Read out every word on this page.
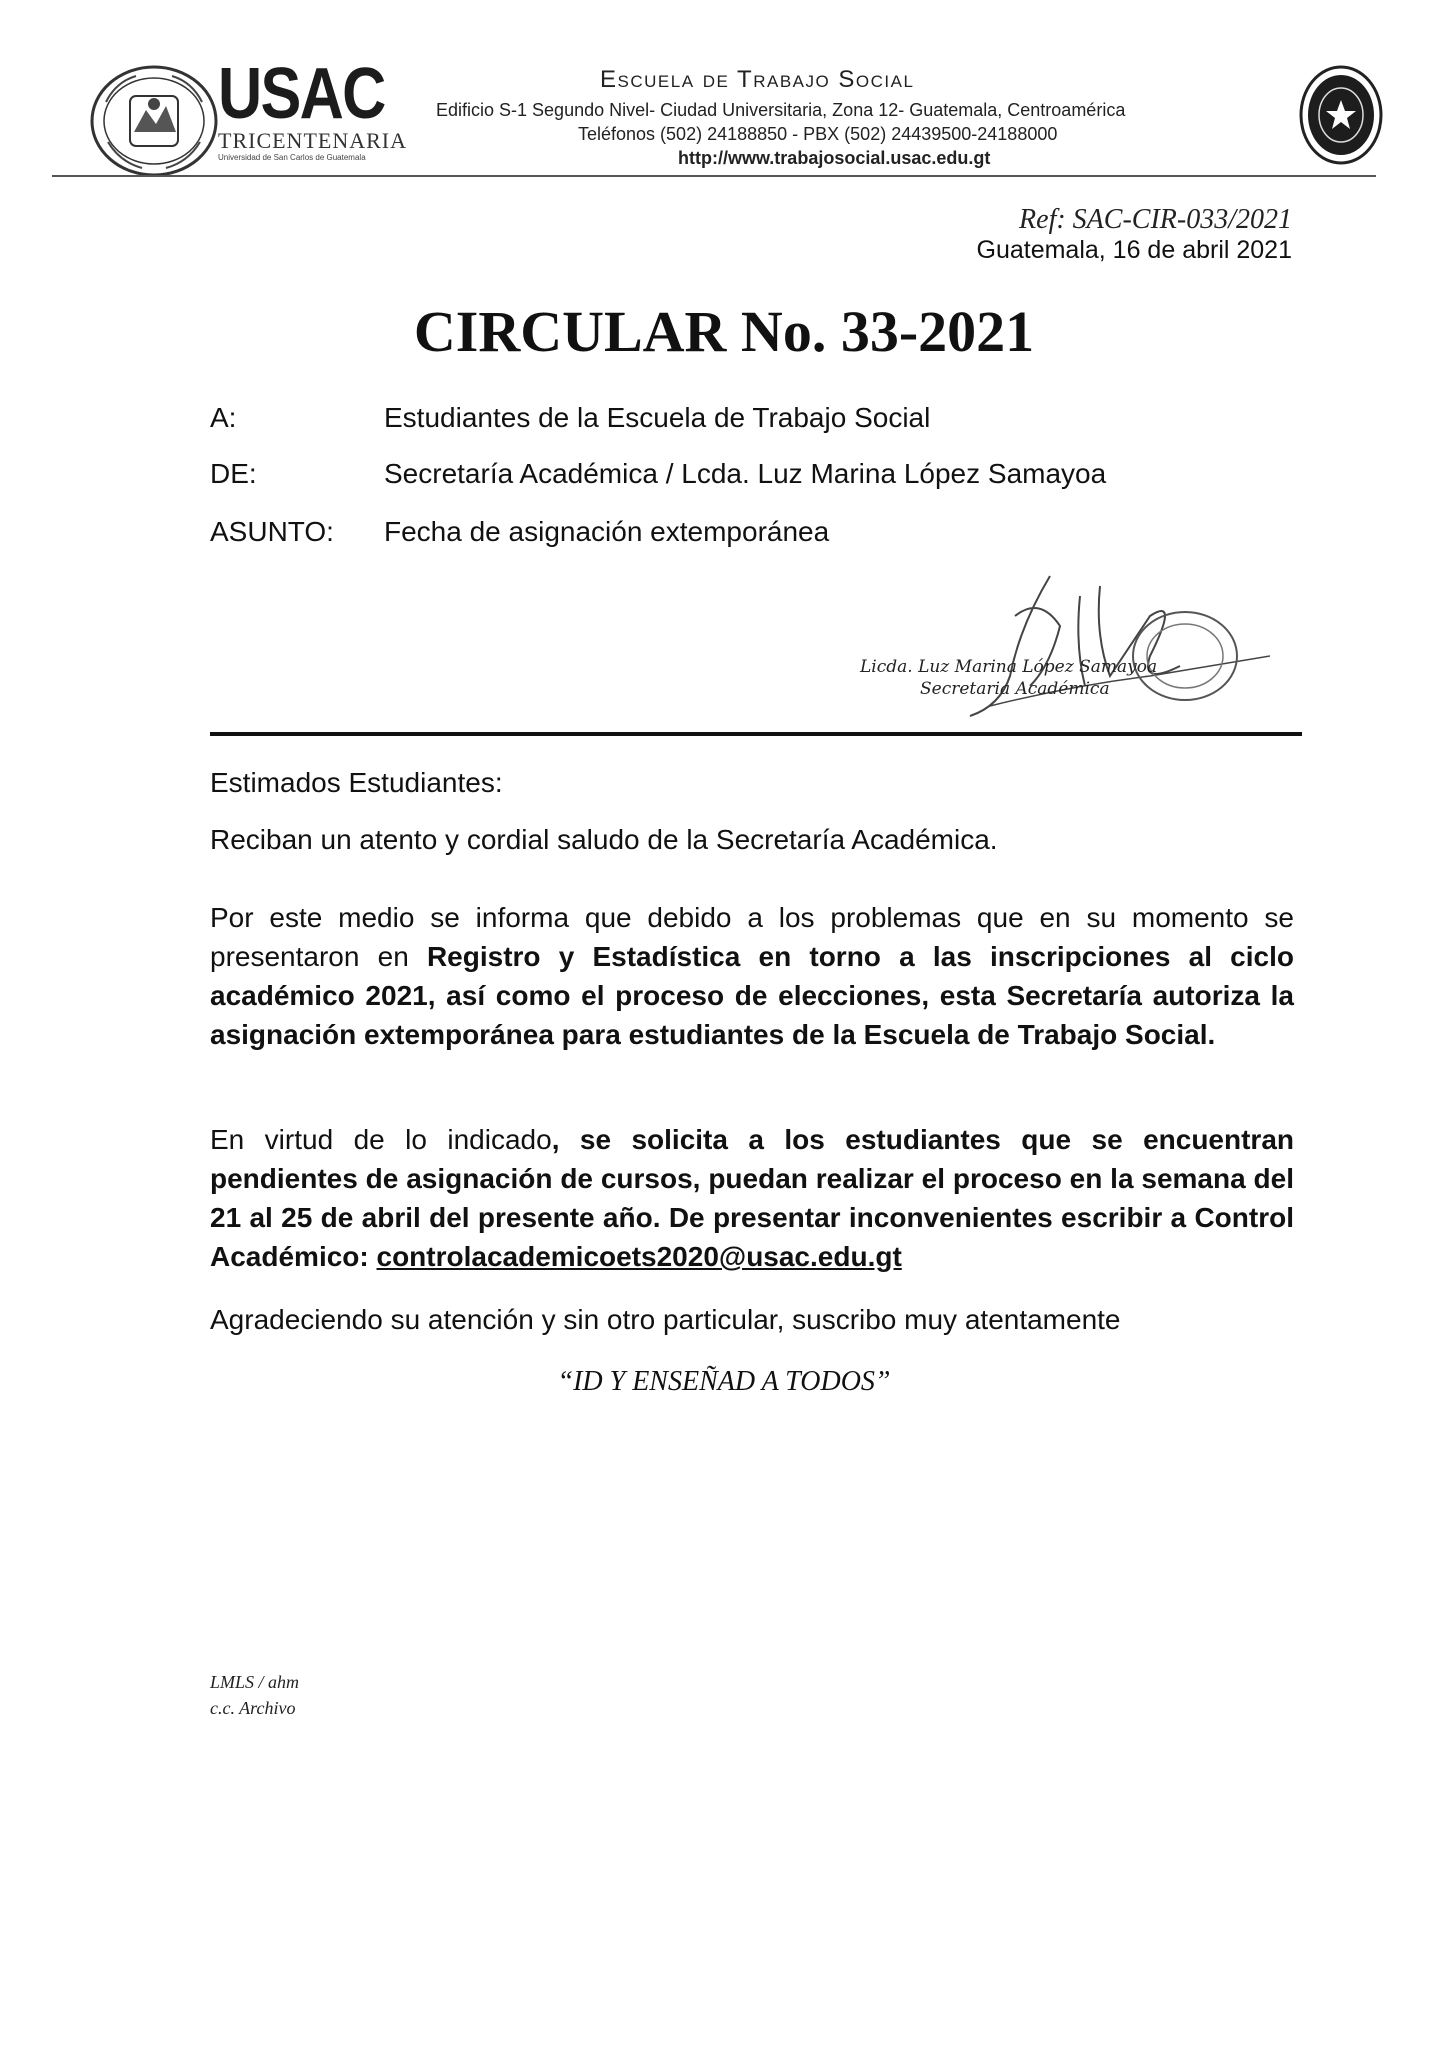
USAC
TRICENTENARIA
Universidad de San Carlos de Guatemala
Escuela de Trabajo Social
Edificio S-1 Segundo Nivel- Ciudad Universitaria, Zona 12- Guatemala, Centroamérica
Teléfonos (502) 24188850 - PBX (502) 24439500-24188000
http://www.trabajosocial.usac.edu.gt
Ref: SAC-CIR-033/2021
Guatemala, 16 de abril 2021
CIRCULAR No. 33-2021
A:	Estudiantes de la Escuela de Trabajo Social
DE:	Secretaría Académica / Lcda. Luz Marina López Samayoa
ASUNTO: Fecha de asignación extemporánea
Licda. Luz Marina López Samayoa
Secretaria Académica
Estimados Estudiantes:
Reciban un atento y cordial saludo de la Secretaría Académica.
Por este medio se informa que debido a los problemas que en su momento se presentaron en Registro y Estadística en torno a las inscripciones al ciclo académico 2021, así como el proceso de elecciones, esta Secretaría autoriza la asignación extemporánea para estudiantes de la Escuela de Trabajo Social.
En virtud de lo indicado, se solicita a los estudiantes que se encuentran pendientes de asignación de cursos, puedan realizar el proceso en la semana del 21 al 25 de abril del presente año. De presentar inconvenientes escribir a Control Académico: controlacademicoets2020@usac.edu.gt
Agradeciendo su atención y sin otro particular, suscribo muy atentamente
“ID Y ENSEÑAD A TODOS”
LMLS / ahm
c.c. Archivo
